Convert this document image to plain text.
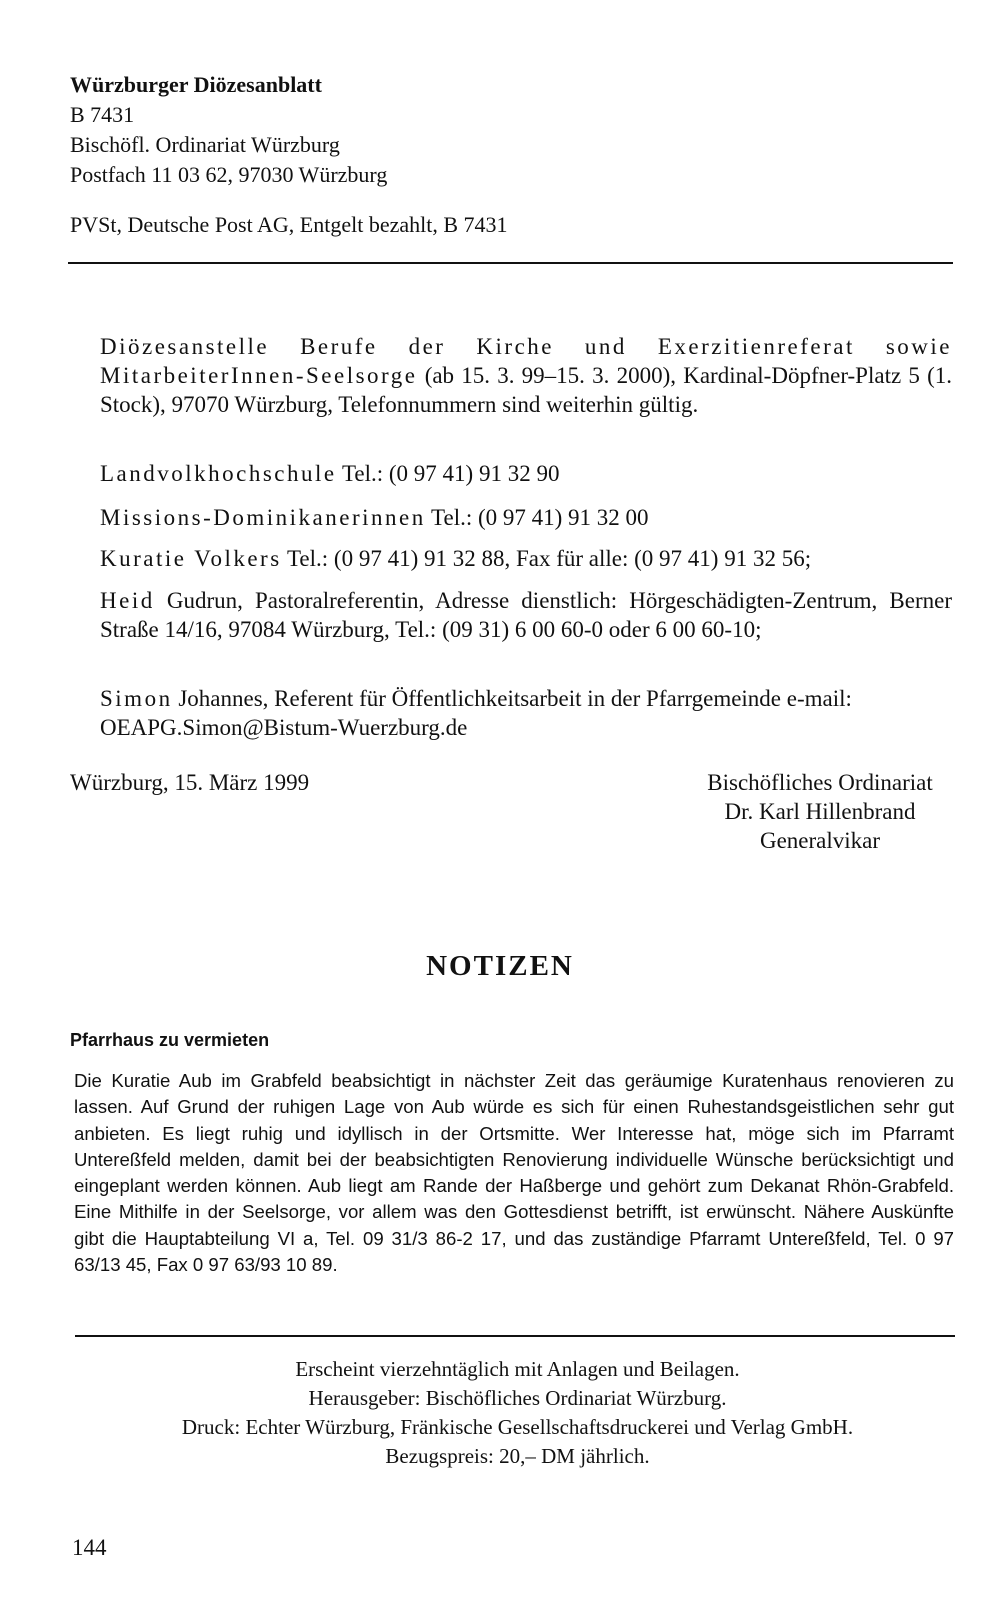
Würzburger Diözesanblatt
B 7431
Bischöfl. Ordinariat Würzburg
Postfach 11 03 62, 97030 Würzburg
PVSt, Deutsche Post AG, Entgelt bezahlt, B 7431
Diözesanstelle Berufe der Kirche und Exerzitienreferat sowie MitarbeiterInnen-Seelsorge (ab 15. 3. 99–15. 3. 2000), Kardinal-Döpfner-Platz 5 (1. Stock), 97070 Würzburg, Telefonnummern sind weiterhin gültig.
Landvolkhochschule Tel.: (0 97 41) 91 32 90
Missions-Dominikanerinnen Tel.: (0 97 41) 91 32 00
Kuratie Volkers Tel.: (0 97 41) 91 32 88, Fax für alle: (0 97 41) 91 32 56;
Heid Gudrun, Pastoralreferentin, Adresse dienstlich: Hörgeschädigten-Zentrum, Berner Straße 14/16, 97084 Würzburg, Tel.: (09 31) 6 00 60-0 oder 6 00 60-10;
Simon Johannes, Referent für Öffentlichkeitsarbeit in der Pfarrgemeinde e-mail: OEAPG.Simon@Bistum-Wuerzburg.de
Würzburg, 15. März 1999	Bischöfliches Ordinariat
Dr. Karl Hillenbrand
Generalvikar
NOTIZEN
Pfarrhaus zu vermieten
Die Kuratie Aub im Grabfeld beabsichtigt in nächster Zeit das geräumige Kuratenhaus renovieren zu lassen. Auf Grund der ruhigen Lage von Aub würde es sich für einen Ruhestandsgeistlichen sehr gut anbieten. Es liegt ruhig und idyllisch in der Ortsmitte. Wer Interesse hat, möge sich im Pfarramt Untereßfeld melden, damit bei der beabsichtigten Renovierung individuelle Wünsche berücksichtigt und eingeplant werden können. Aub liegt am Rande der Haßberge und gehört zum Dekanat Rhön-Grabfeld. Eine Mithilfe in der Seelsorge, vor allem was den Gottesdienst betrifft, ist erwünscht. Nähere Auskünfte gibt die Hauptabteilung VI a, Tel. 09 31/3 86-2 17, und das zuständige Pfarramt Untereßfeld, Tel. 0 97 63/13 45, Fax 0 97 63/93 10 89.
Erscheint vierzehntäglich mit Anlagen und Beilagen.
Herausgeber: Bischöfliches Ordinariat Würzburg.
Druck: Echter Würzburg, Fränkische Gesellschaftsdruckerei und Verlag GmbH.
Bezugspreis: 20,– DM jährlich.
144
